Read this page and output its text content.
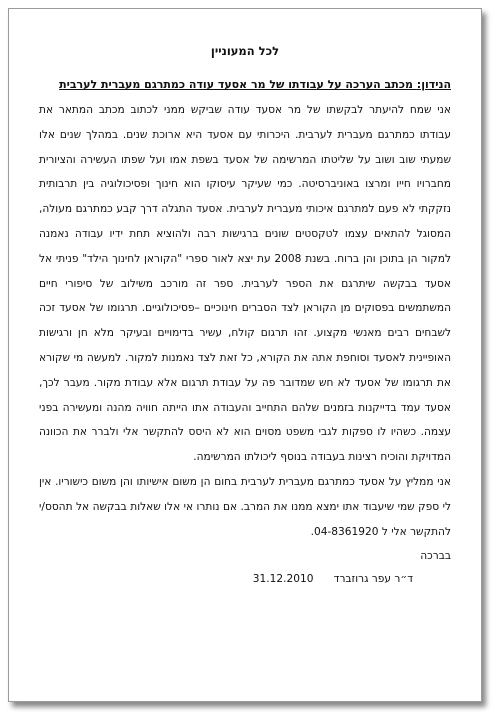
לכל המעוניין

הנידון: מכתב הערכה על עבודתו של מר אסעד עודה כמתרגם מעברית לערבית

אני שמח להיעתר לבקשתו של מר אסעד עודה שביקש ממני לכתוב מכתב המתאר את עבודתו כמתרגם מעברית לערבית. היכרותי עם אסעד היא ארוכת שנים. במהלך שנים אלו שמעתי שוב ושוב על שליטתו המרשימה של אסעד בשפת אמו ועל שפתו העשירה והציורית מחברויו חייו ומרצו באוניברסיטה. כמי שעיקר עיסוקו הוא חינוך ופסיכולוגיה בין תרבותית נזקקתי לא פעם למתרגם איכותי מעברית לערבית. אסעד התגלה דרך קבע כמתרגם מעולה, המסוגל להתאים עצמו לטקסטים שונים ברגישות רבה ולהוציא תחת ידיו עבודה נאמנה למקור הן בתוכן והן ברוח. בשנת 2008 עת יצא לאור ספרי "הקוראן לחינוך הילד" פניתי אל אסעד בבקשה שיתרגם את הספר לערבית. ספר זה מורכב משילוב של סיפורי חיים המשתמשים בפסוקים מן הקוראן לצד הסברים חינוכיים –פסיכולוגיים. תרגומו של אסעד זכה לשבחים רבים מאנשי מקצוע. זהו תרגום קולח, עשיר בדימויים ובעיקר מלא חן ורגישות האופיינית לאסעד וסוחפת אתה את הקורא, כל זאת לצד נאמנות למקור. למעשה מי שקורא את תרגומו של אסעד לא חש שמדובר פה על עבודת תרגום אלא עבודת מקור. מעבר לכך, אסעד עמד בדייקנות בזמנים שלהם התחייב והעבודה אתו הייתה חוויה מהנה ומעשירה בפני עצמה. כשהיו לו ספקות לגבי משפט מסוים הוא לא היסס להתקשר אלי ולברר את הכוונה המדויקת והוכיח רצינות בעבודה בנוסף ליכולתו המרשימה.

אני ממליץ על אסעד כמתרגם מעברית לערבית בחום הן משום אישיותו והן משום כישוריו. אין לי ספק שמי שיעבוד אתו ימצא ממנו את המרב. אם נותרו אי אלו שאלות בבקשה אל תהסס/י להתקשר אלי ל 04-8361920.

בברכה

ד״ר עפר גרוזברד      31.12.2010
